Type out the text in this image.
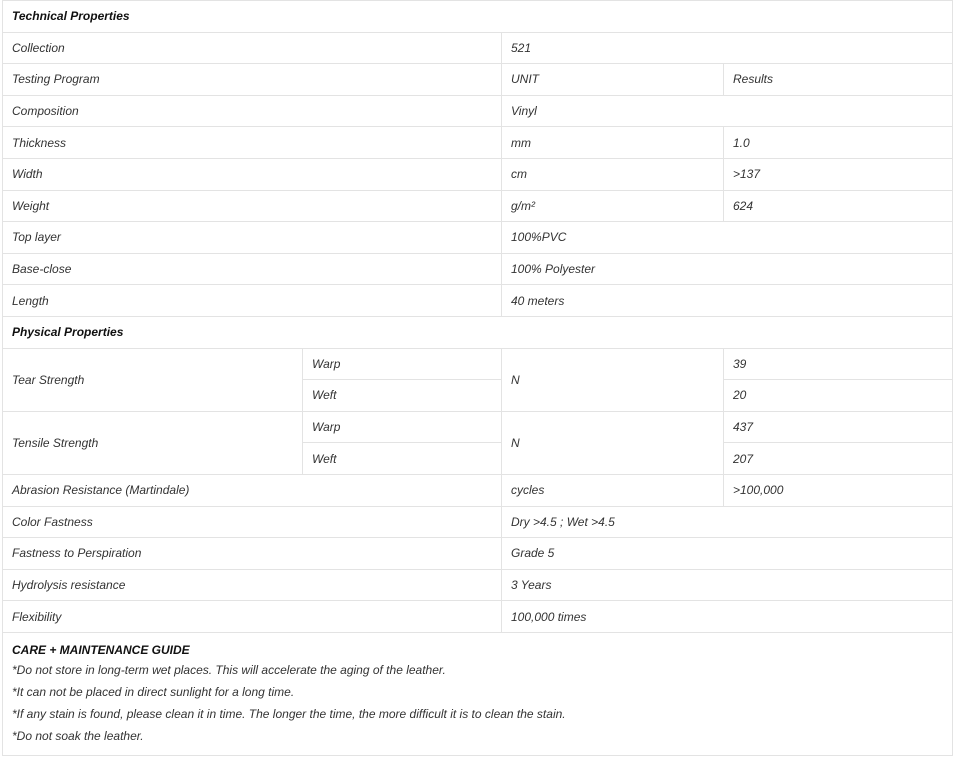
Technical Properties			
Collection		521	
Testing Program		UNIT	Results
Composition		Vinyl	
Thickness		mm	1.0
Width		cm	>137
Weight		g/m²	624
Top layer		100%PVC	
Base-close		100% Polyester	
Length		40 meters	
Physical Properties			
Tear Strength	Warp	N	39
	Weft		20
Tensile Strength	Warp	N	437
	Weft		207
Abrasion Resistance (Martindale)		cycles	>100,000
Color Fastness		Dry >4.5 ; Wet >4.5	
Fastness to Perspiration		Grade 5	
Hydrolysis resistance		3 Years	
Flexibility		100,000 times	

CARE + MAINTENANCE GUIDE
*Do not store in long-term wet places. This will accelerate the aging of the leather.
*It can not be placed in direct sunlight for a long time.
*If any stain is found, please clean it in time. The longer the time, the more difficult it is to clean the stain.
*Do not soak the leather.			
